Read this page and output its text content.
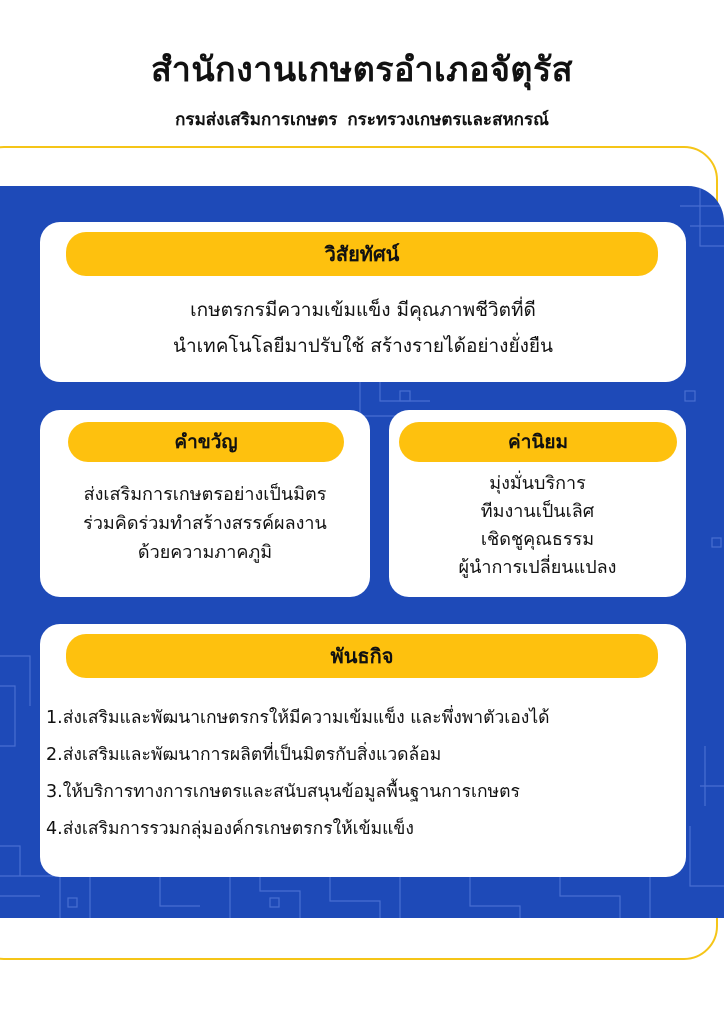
สำนักงานเกษตรอำเภอจัตุรัส
กรมส่งเสริมการเกษตร กระทรวงเกษตรและสหกรณ์
วิสัยทัศน์
เกษตรกรมีความเข้มแข็ง มีคุณภาพชีวิตที่ดี
นำเทคโนโลยีมาปรับใช้ สร้างรายได้อย่างยั่งยืน
คำขวัญ
ส่งเสริมการเกษตรอย่างเป็นมิตร
ร่วมคิดร่วมทำสร้างสรรค์ผลงาน
ด้วยความภาคภูมิ
ค่านิยม
มุ่งมั่นบริการ
ทีมงานเป็นเลิศ
เชิดชูคุณธรรม
ผู้นำการเปลี่ยนแปลง
พันธกิจ
1.ส่งเสริมและพัฒนาเกษตรกรให้มีความเข้มแข็ง และพึ่งพาตัวเองได้
2.ส่งเสริมและพัฒนาการผลิตที่เป็นมิตรกับสิ่งแวดล้อม
3.ให้บริการทางการเกษตรและสนับสนุนข้อมูลพื้นฐานการเกษตร
4.ส่งเสริมการรวมกลุ่มองค์กรเกษตรกรให้เข้มแข็ง
